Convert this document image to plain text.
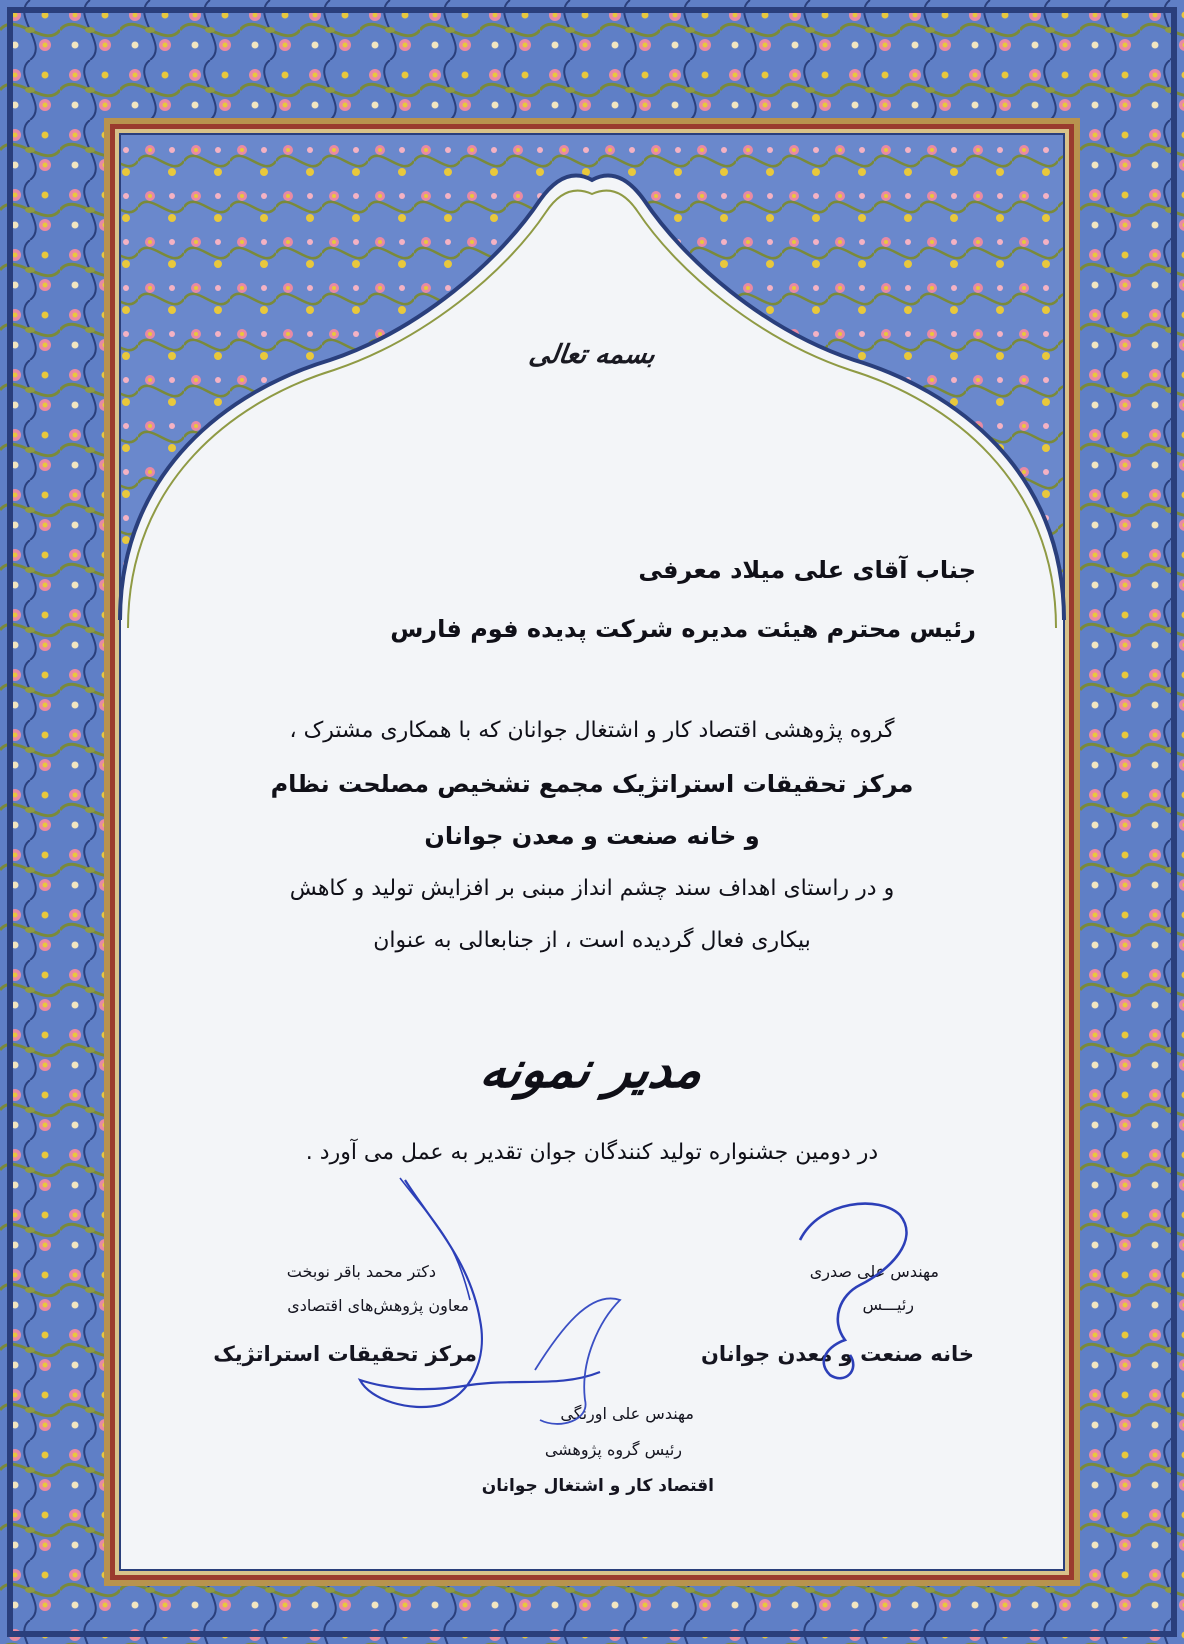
بسمه تعالی

جناب آقای علی میلاد معرفی

رئیس محترم هیئت مدیره شرکت پدیده فوم فارس

گروه پژوهشی اقتصاد کار و اشتغال جوانان که با همکاری مشترک ،

مرکز تحقیقات استراتژیک مجمع تشخیص مصلحت نظام

و خانه صنعت و معدن جوانان

و در راستای اهداف سند چشم انداز مبنی بر افزایش تولید و کاهش

بیکاری فعال گردیده است ، از جنابعالی به عنوان

مدیر نمونه

در دومین جشنواره تولید کنندگان جوان تقدیر به عمل می آورد .

مهندس علی صدری

رئیـــس

خانه صنعت و معدن جوانان

دکتر محمد باقر نوبخت

معاون پژوهش‌های اقتصادی

مرکز تحقیقات استراتژیک

مهندس علی اورنگی

رئیس گروه پژوهشی

اقتصاد کار و اشتغال جوانان
